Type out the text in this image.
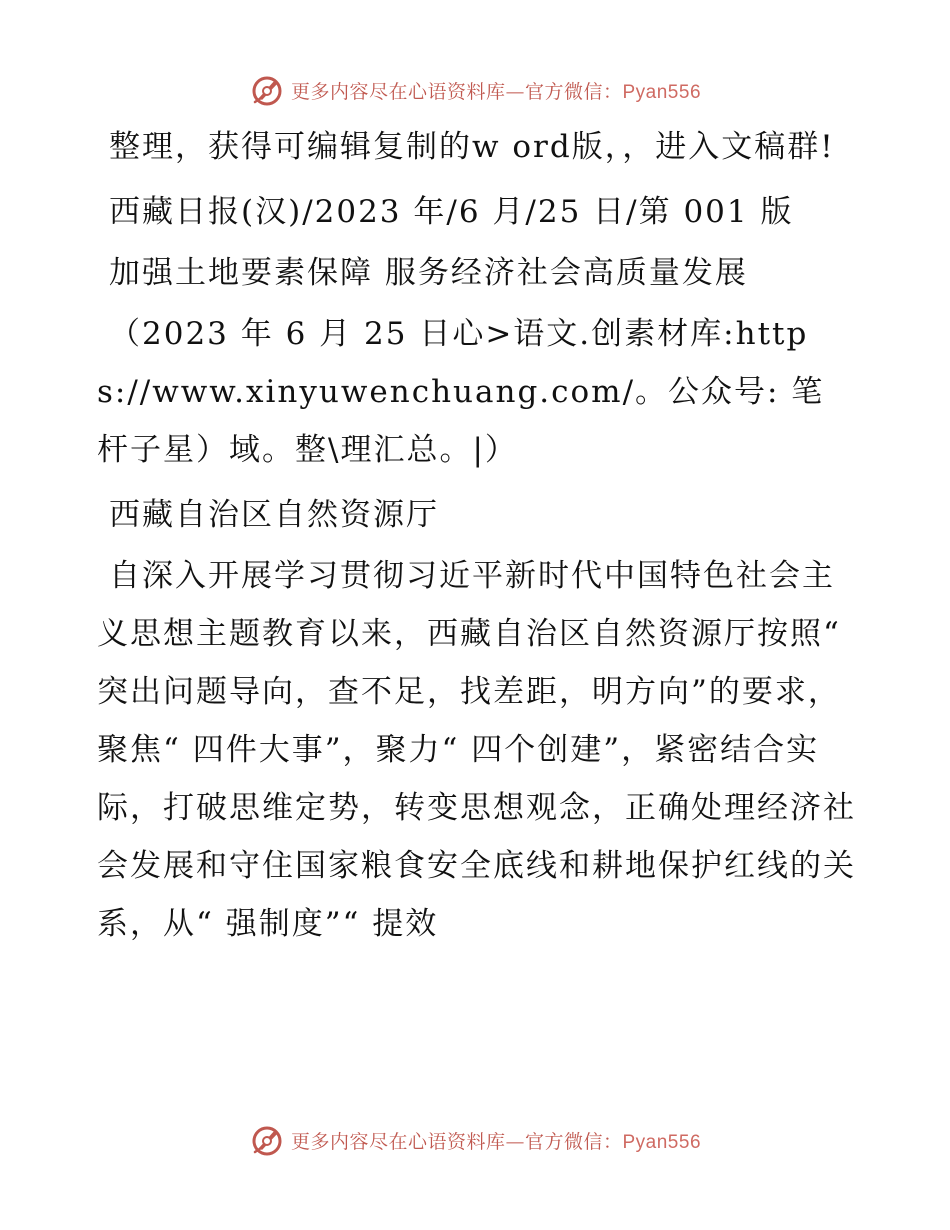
更多内容尽在心语资料库—官方微信：Pyan556

整理，获得可编辑复制的w ord版，，进入文稿群!

西藏日报(汉)/2023 年/6 月/25 日/第 001 版

加强土地要素保障 服务经济社会高质量发展

（2023 年 6 月 25 日心>语文.创素材库:https://www.xinyuwenchuang.com/。公众号: 笔杆子星）域。整\理汇总。|）

西藏自治区自然资源厅

自深入开展学习贯彻习近平新时代中国特色社会主义思想主题教育以来，西藏自治区自然资源厅按照“ 突出问题导向，查不足，找差距，明方向”的要求，聚焦“ 四件大事”，聚力“ 四个创建”，紧密结合实际，打破思维定势，转变思想观念，正确处理经济社会发展和守住国家粮食安全底线和耕地保护红线的关系，从“ 强制度”“ 提效

更多内容尽在心语资料库—官方微信：Pyan556
